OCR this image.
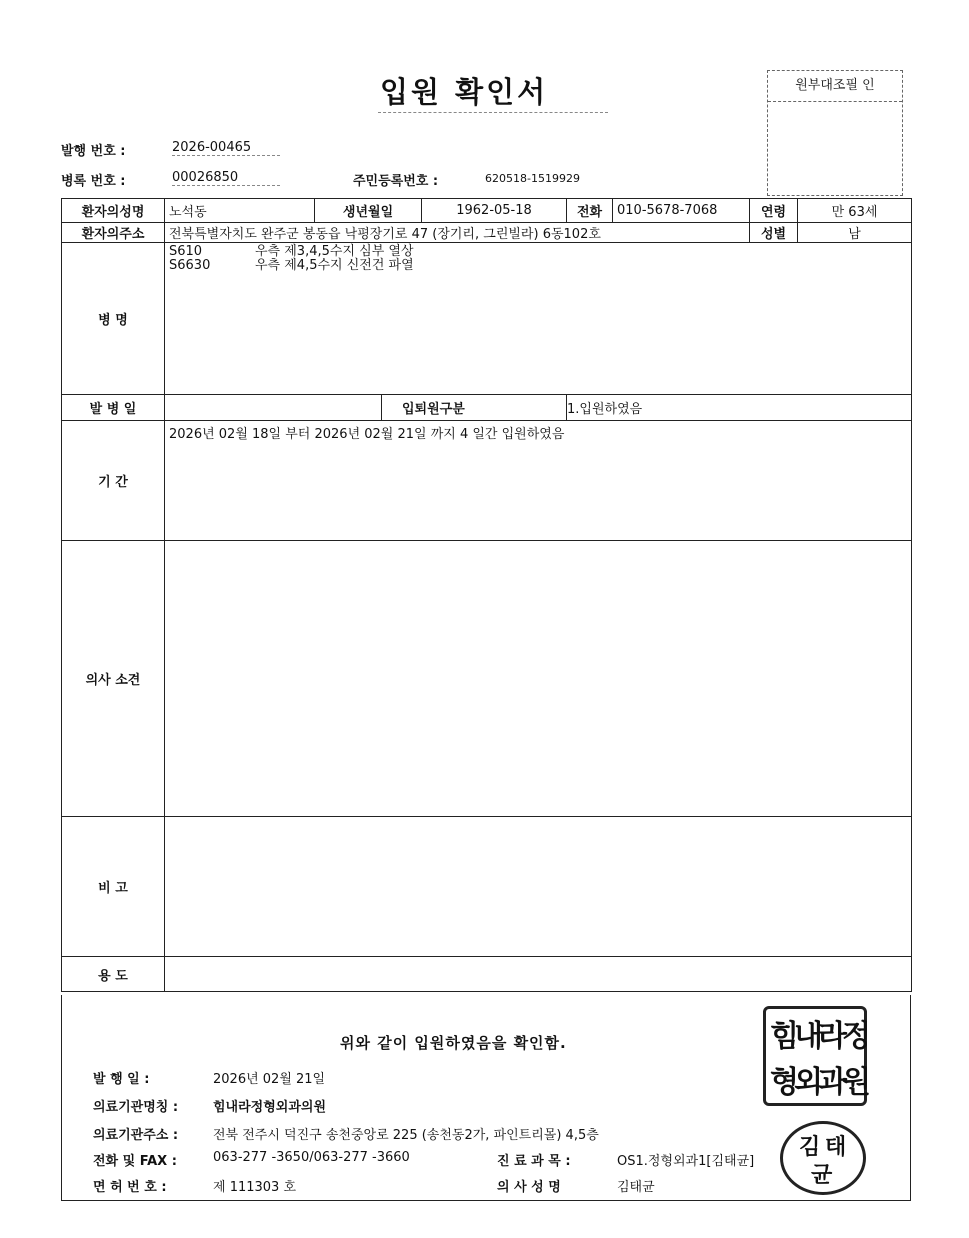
입원 확인서	원부대조필 인
발행 번호 :	2026-00465
병록 번호 :	00026850	주민등록번호 :	620518-1519929
환자의성명	노석동	생년월일		1962-05-18	전화	010-5678-7068	연령	만 63세
환자의주소	전북특별자치도 완주군 봉동읍 낙평장기로 47 (장기리, 그린빌라) 6동102호						성별	남
병 명	S610 우측 제3,4,5수지 심부 열상
S6630 우측 제4,5수지 신전건 파열							

발 병 일			입퇴원구분		1.입원하였음			
기 간	2026년 02월 18일 부터 2026년 02월 21일 까지 4 일간 입원하였음							
의사 소견								
비 고								
용 도								
위와 같이 입원하였음을 확인함.
발 행 일 :	2026년 02월 21일
의료기관명칭 :	힘내라정형외과의원
의료기관주소 :	전북 전주시 덕진구 송천중앙로 225 (송천동2가, 파인트리몰) 4,5층
전화 및 FAX :	063-277 -3650/063-277 -3660	진 료 과 목 :	OS1.정형외과1[김태균]
면 허 번 호 :	제 111303 호	의 사 성 명	김태균
힘
내
라
정
형
외
과
원
김 태
균
